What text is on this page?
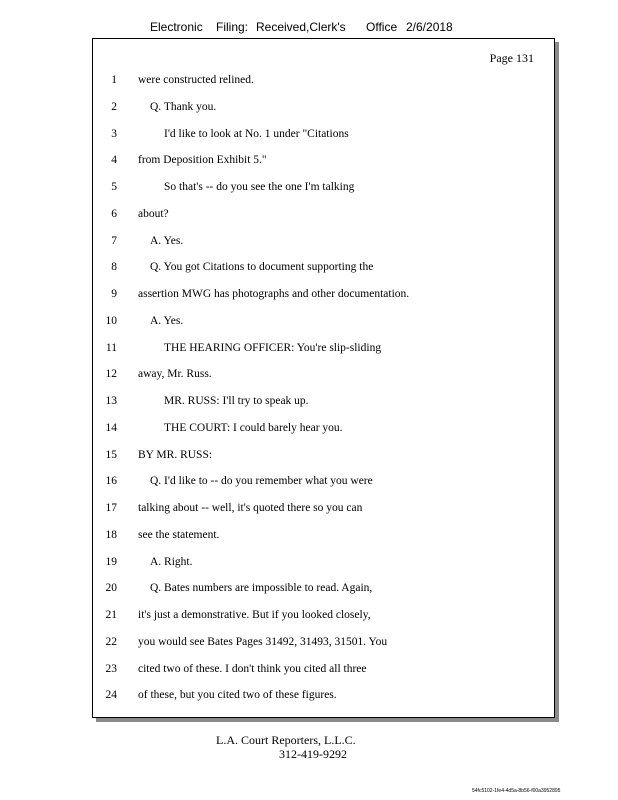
Electronic Filing: Received,Clerk's Office 2/6/2018
Page 131
1 were constructed relined.
2	Q. Thank you.
3	I'd like to look at No. 1 under "Citations
4 from Deposition Exhibit 5."
5	So that's -- do you see the one I'm talking
6 about?
7	A. Yes.
8	Q. You got Citations to document supporting the
9 assertion MWG has photographs and other documentation.
10	A. Yes.
11	THE HEARING OFFICER: You're slip-sliding
12 away, Mr. Russ.
13	MR. RUSS: I'll try to speak up.
14	THE COURT: I could barely hear you.
15 BY MR. RUSS:
16	Q. I'd like to -- do you remember what you were
17 talking about -- well, it's quoted there so you can
18 see the statement.
19	A. Right.
20	Q. Bates numbers are impossible to read. Again,
21 it's just a demonstrative. But if you looked closely,
22 you would see Bates Pages 31492, 31493, 31501. You
23 cited two of these. I don't think you cited all three
24 of these, but you cited two of these figures.
L.A. Court Reporters, L.L.C.
312-419-9292
54fc5102-1fe4-4d5a-8b56-f00a3952895
